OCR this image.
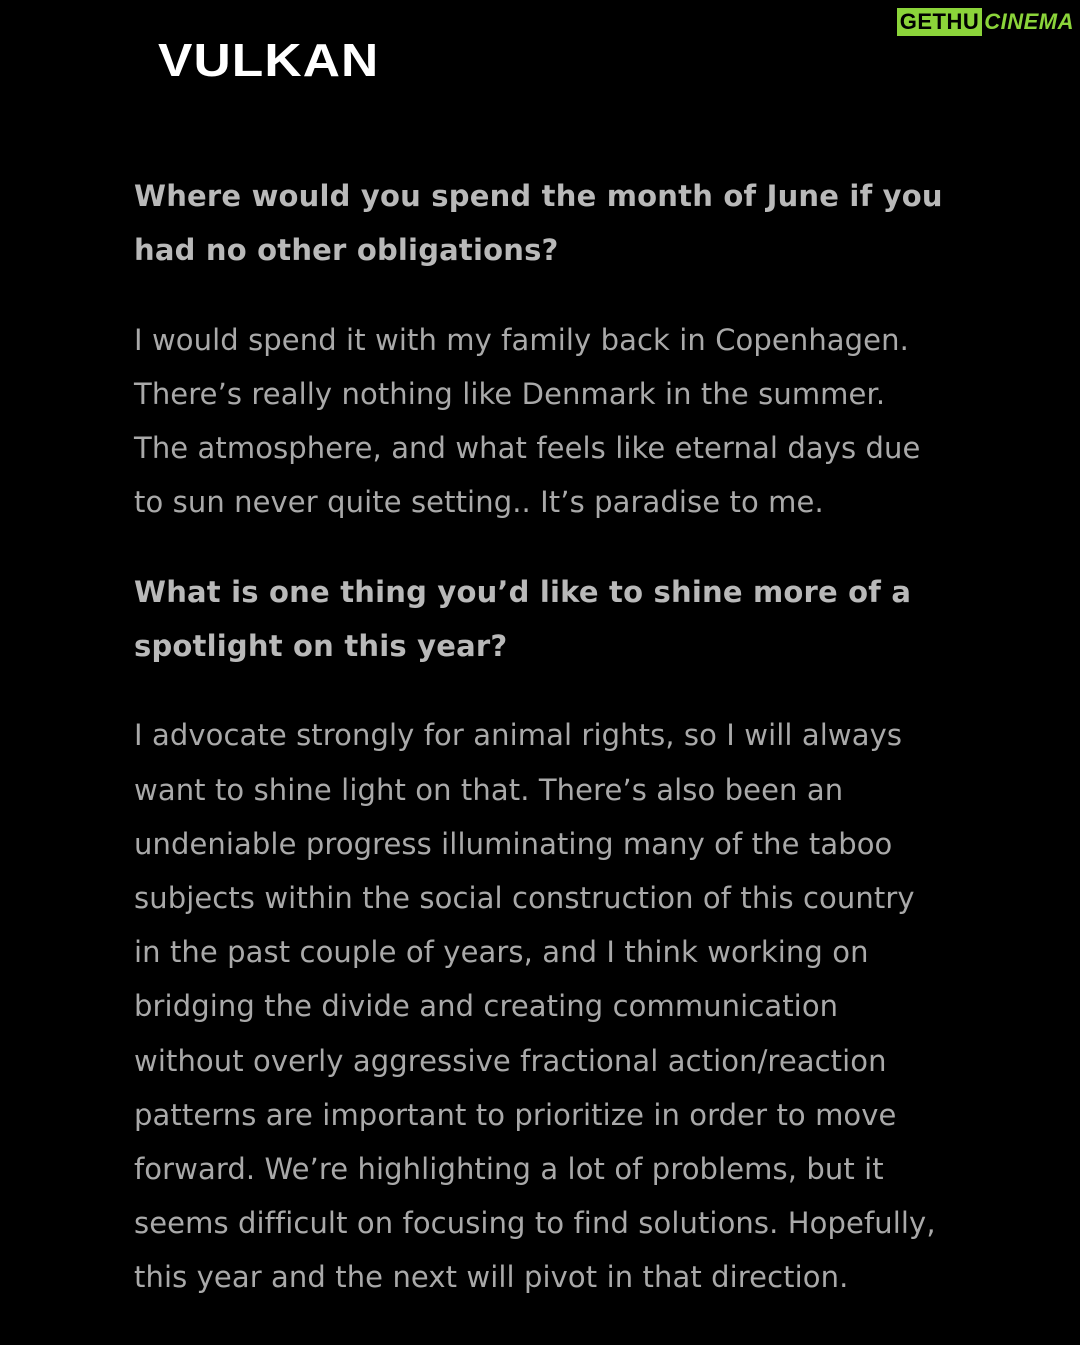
VULKAN
GETHU CINEMA
Where would you spend the month of June if you
had no other obligations?
I would spend it with my family back in Copenhagen.
There’s really nothing like Denmark in the summer.
The atmosphere, and what feels like eternal days due
to sun never quite setting.. It’s paradise to me.
What is one thing you’d like to shine more of a
spotlight on this year?
I advocate strongly for animal rights, so I will always
want to shine light on that. There’s also been an
undeniable progress illuminating many of the taboo
subjects within the social construction of this country
in the past couple of years, and I think working on
bridging the divide and creating communication
without overly aggressive fractional action/reaction
patterns are important to prioritize in order to move
forward. We’re highlighting a lot of problems, but it
seems difficult on focusing to find solutions. Hopefully,
this year and the next will pivot in that direction.
